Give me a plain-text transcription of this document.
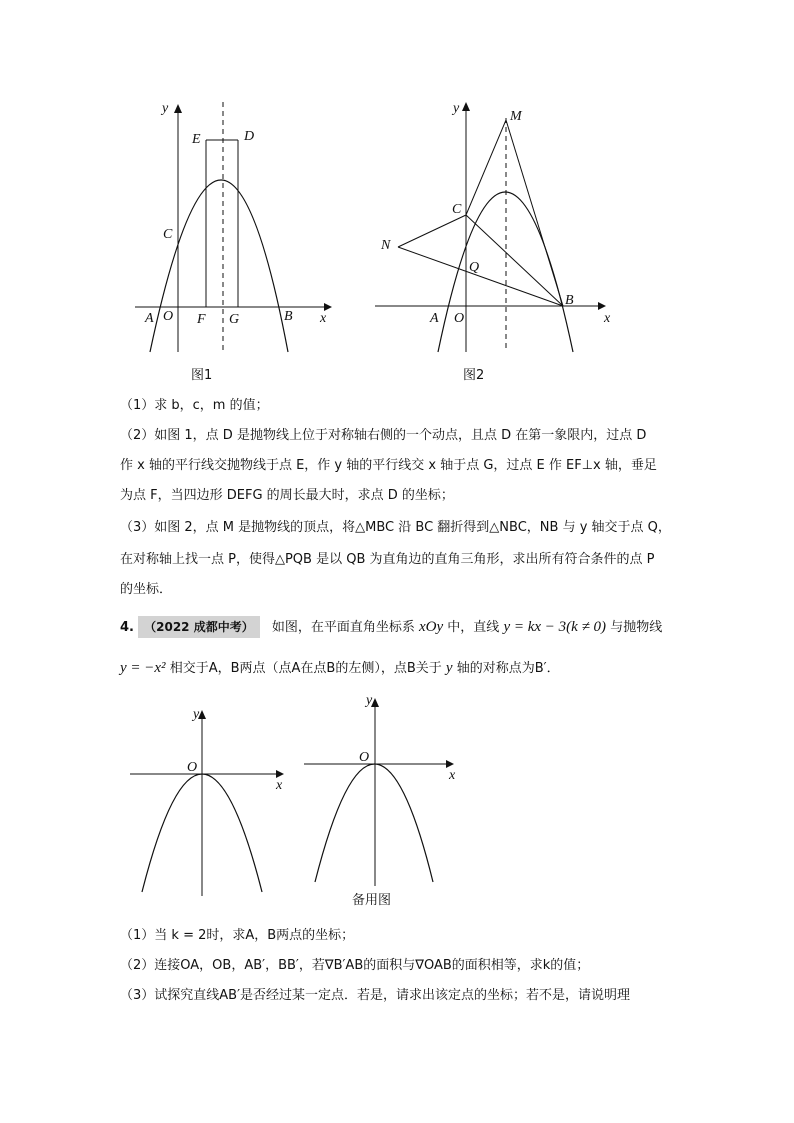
y
x
E	D
C
A O F G	B
图1
y
x
M
C
N
Q
B
A O
图2
（1）求 b，c，m 的值；
（2）如图 1，点 D 是抛物线上位于对称轴右侧的一个动点，且点 D 在第一象限内，过点 D
作 x 轴的平行线交抛物线于点 E，作 y 轴的平行线交 x 轴于点 G，过点 E 作 EF⊥x 轴，垂足
为点 F，当四边形 DEFG 的周长最大时，求点 D 的坐标；
（3）如图 2，点 M 是抛物线的顶点，将△MBC 沿 BC 翻折得到△NBC，NB 与 y 轴交于点 Q，
在对称轴上找一点 P，使得△PQB 是以 QB 为直角边的直角三角形，求出所有符合条件的点 P
的坐标．
4. （2022 成都中考） 如图，在平面直角坐标系 xOy 中，直线 y = kx − 3(k ≠ 0) 与抛物线
y = −x² 相交于A，B两点（点A在点B的左侧），点B关于 y 轴的对称点为B′．
y
x
O
y
x
O
备用图
（1）当 k = 2时，求A，B两点的坐标；
（2）连接OA，OB，AB′，BB′，若∇B′AB的面积与∇OAB的面积相等，求k的值；
（3）试探究直线AB′是否经过某一定点．若是，请求出该定点的坐标；若不是，请说明理
